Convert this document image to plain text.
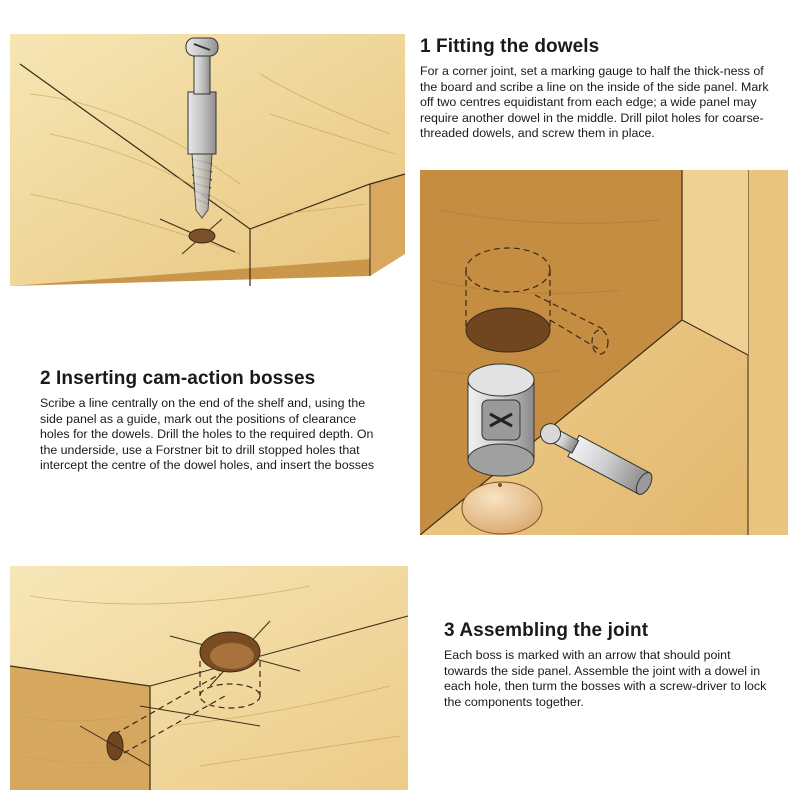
1 Fitting the dowels

For a corner joint, set a marking gauge to half the thick-ness of the board and scribe a line on the inside of the side panel. Mark off two centres equidistant from each edge; a wide panel may require another dowel in the middle. Drill pilot holes for coarse-threaded dowels, and screw them in place.

2 Inserting cam-action bosses

Scribe a line centrally on the end of the shelf and, using the side panel as a guide, mark out the positions of clearance holes for the dowels. Drill the holes to the required depth. On the underside, use a Forstner bit to drill stopped holes that intercept the centre of the dowel holes, and insert the bosses

3 Assembling the joint

Each boss is marked with an arrow that should point towards the side panel. Assemble the joint with a dowel in each hole, then turm the bosses with a screw-driver to lock the components together.
